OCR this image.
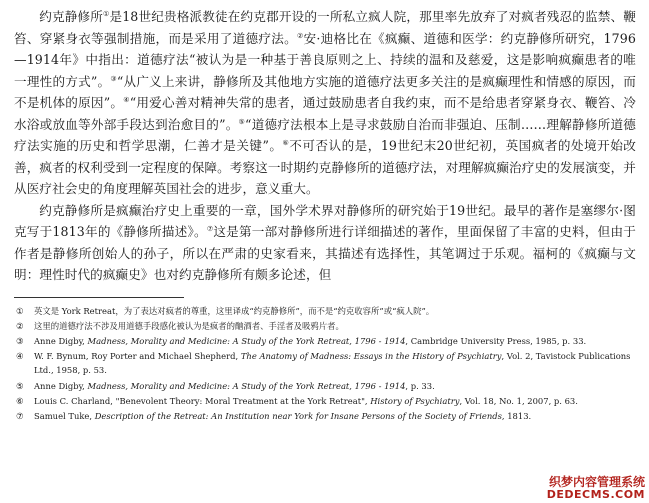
约克静修所①是18世纪贵格派教徒在约克郡开设的一所私立疯人院，那里率先放弃了对疯者残忍的监禁、鞭笞、穿紧身衣等强制措施，而是采用了道德疗法。②安·迪格比在《疯癫、道德和医学：约克静修所研究，1796—1914年》中指出：道德疗法“被认为是一种基于善良原则之上、持续的温和及慈爱，这是影响疯癫患者的唯一理性的方式”。③“从广义上来讲，静修所及其他地方实施的道德疗法更多关注的是疯癫理性和情感的原因，而不是机体的原因”。④“用爱心善对精神失常的患者，通过鼓励患者自我约束，而不是给患者穿紧身衣、鞭笞、冷水浴或放血等外部手段达到治愈目的”。⑤“道德疗法根本上是寻求鼓励自治而非强迫、压制……理解静修所道德疗法实施的历史和哲学思潮，仁善才是关键”。⑥不可否认的是，19世纪末20世纪初，英国疯者的处境开始改善，疯者的权利受到一定程度的保障。考察这一时期约克静修所的道德疗法，对理解疯癫治疗史的发展演变，并从医疗社会史的角度理解英国社会的进步，意义重大。

约克静修所是疯癫治疗史上重要的一章，国外学术界对静修所的研究始于19世纪。最早的著作是塞缪尔·图克写于1813年的《静修所描述》。⑦这是第一部对静修所进行详细描述的著作，里面保留了丰富的史料，但由于作者是静修所创始人的孙子，所以在严肃的史家看来，其描述有选择性，其笔调过于乐观。福柯的《疯癫与文明：理性时代的疯癫史》也对约克静修所有颇多论述，但

① 英文是 York Retreat，为了表达对疯者的尊重，这里译成“约克静修所”，而不是“约克收容所”或“疯人院”。
② 这里的道德疗法不涉及用道德手段感化被认为是疯者的酗酒者、手淫者及吸鸦片者。
③ Anne Digby, Madness, Morality and Medicine: A Study of the York Retreat, 1796 - 1914, Cambridge University Press, 1985, p. 33.
④ W. F. Bynum, Roy Porter and Michael Shepherd, The Anatomy of Madness: Essays in the History of Psychiatry, Vol. 2, Tavistock Publications Ltd., 1958, p. 53.
⑤ Anne Digby, Madness, Morality and Medicine: A Study of the York Retreat, 1796 - 1914, p. 33.
⑥ Louis C. Charland, "Benevolent Theory: Moral Treatment at the York Retreat", History of Psychiatry, Vol. 18, No. 1, 2007, p. 63.
⑦ Samuel Tuke, Description of the Retreat: An Institution near York for Insane Persons of the Society of Friends, 1813.
织梦内容管理系统
DEDECMS.COM
